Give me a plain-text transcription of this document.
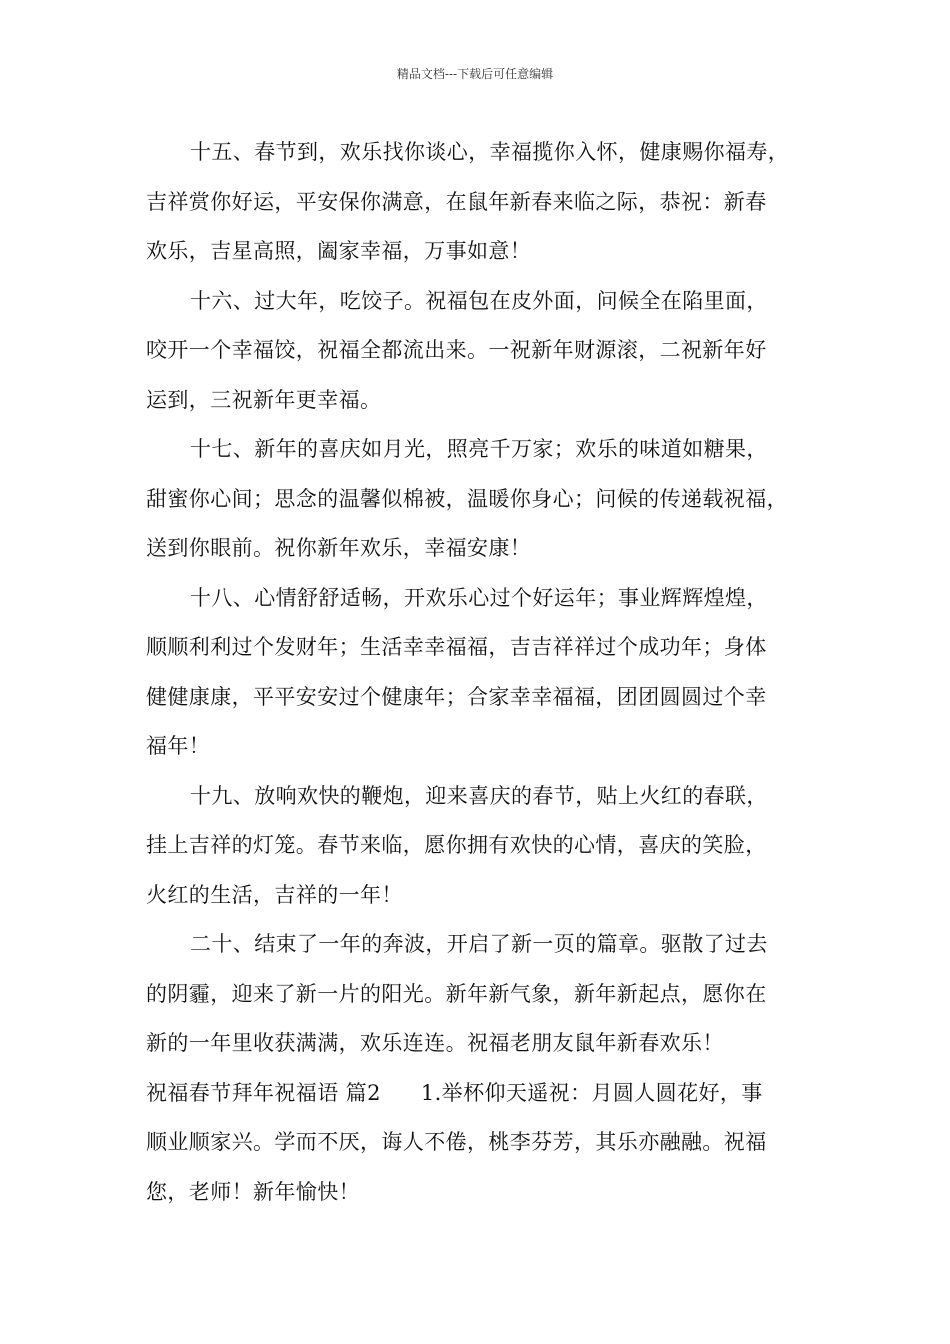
精品文档---下载后可任意编辑

十五、春节到，欢乐找你谈心，幸福揽你入怀，健康赐你福寿，
吉祥赏你好运，平安保你满意，在鼠年新春来临之际，恭祝：新春
欢乐，吉星高照，阖家幸福，万事如意！

十六、过大年，吃饺子。祝福包在皮外面，问候全在陷里面，
咬开一个幸福饺，祝福全都流出来。一祝新年财源滚，二祝新年好
运到，三祝新年更幸福。

十七、新年的喜庆如月光，照亮千万家；欢乐的味道如糖果，
甜蜜你心间；思念的温馨似棉被，温暖你身心；问候的传递载祝福，
送到你眼前。祝你新年欢乐，幸福安康！

十八、心情舒舒适畅，开欢乐心过个好运年；事业辉辉煌煌，
顺顺利利过个发财年；生活幸幸福福，吉吉祥祥过个成功年；身体
健健康康，平平安安过个健康年；合家幸幸福福，团团圆圆过个幸
福年！

十九、放响欢快的鞭炮，迎来喜庆的春节，贴上火红的春联，
挂上吉祥的灯笼。春节来临，愿你拥有欢快的心情，喜庆的笑脸，
火红的生活，吉祥的一年！

二十、结束了一年的奔波，开启了新一页的篇章。驱散了过去
的阴霾，迎来了新一片的阳光。新年新气象，新年新起点，愿你在
新的一年里收获满满，欢乐连连。祝福老朋友鼠年新春欢乐！

祝福春节拜年祝福语 篇2 1.举杯仰天遥祝：月圆人圆花好，事
顺业顺家兴。学而不厌，诲人不倦，桃李芬芳，其乐亦融融。祝福
您，老师！新年愉快！
